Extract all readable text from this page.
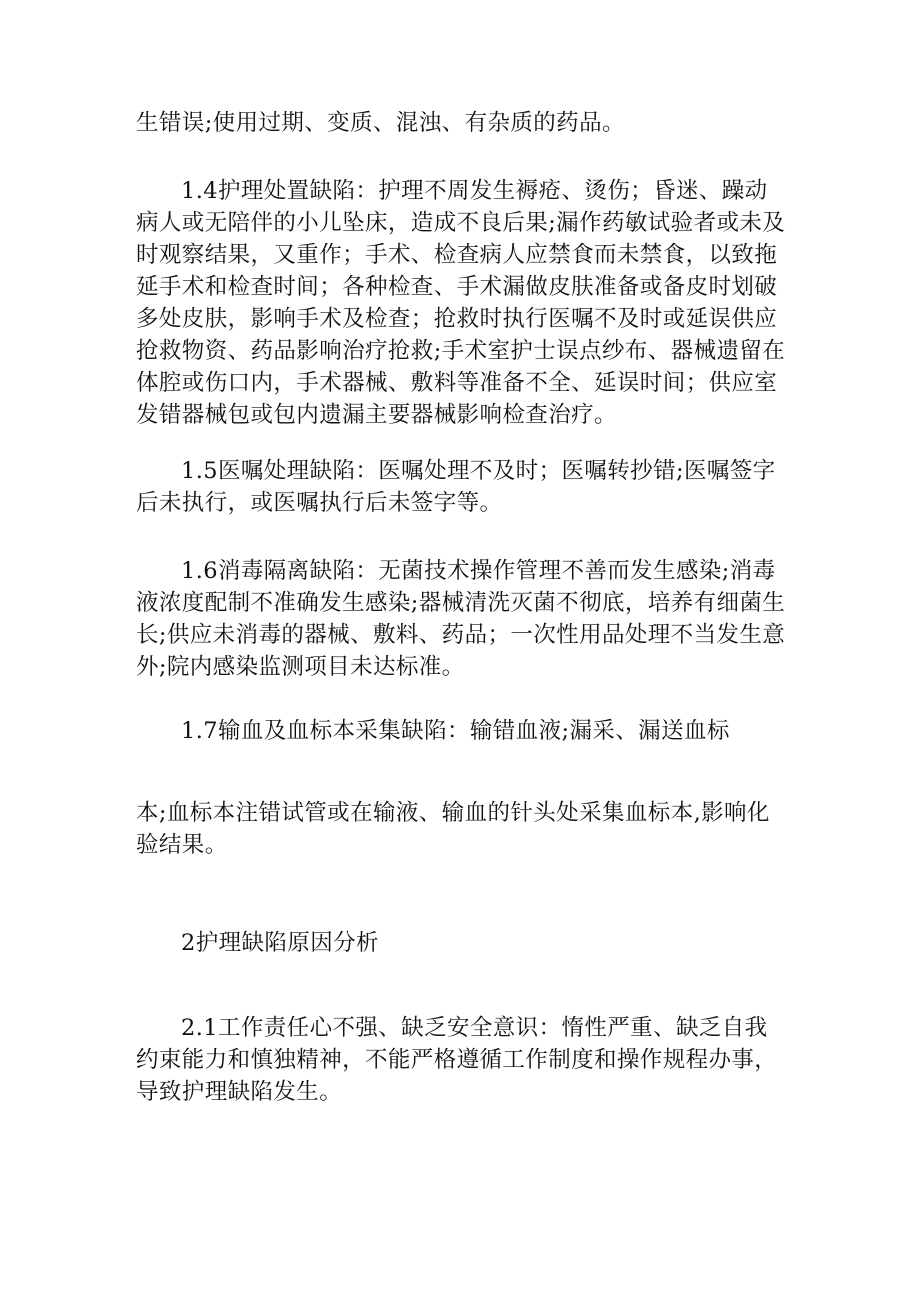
生错误;使用过期、变质、混浊、有杂质的药品。

1.4护理处置缺陷：护理不周发生褥疮、烫伤；昏迷、躁动
病人或无陪伴的小儿坠床，造成不良后果;漏作药敏试验者或未及
时观察结果，又重作；手术、检查病人应禁食而未禁食，以致拖
延手术和检查时间；各种检查、手术漏做皮肤准备或备皮时划破
多处皮肤，影响手术及检查；抢救时执行医嘱不及时或延误供应
抢救物资、药品影响治疗抢救;手术室护士误点纱布、器械遗留在
体腔或伤口内，手术器械、敷料等准备不全、延误时间；供应室
发错器械包或包内遗漏主要器械影响检查治疗。

1.5医嘱处理缺陷：医嘱处理不及时；医嘱转抄错;医嘱签字
后未执行，或医嘱执行后未签字等。

1.6消毒隔离缺陷：无菌技术操作管理不善而发生感染;消毒
液浓度配制不准确发生感染;器械清洗灭菌不彻底，培养有细菌生
长;供应未消毒的器械、敷料、药品；一次性用品处理不当发生意
外;院内感染监测项目未达标准。

1.7输血及血标本采集缺陷：输错血液;漏采、漏送血标

本;血标本注错试管或在输液、输血的针头处采集血标本,影响化
验结果。

2护理缺陷原因分析

2.1工作责任心不强、缺乏安全意识：惰性严重、缺乏自我
约束能力和慎独精神，不能严格遵循工作制度和操作规程办事，
导致护理缺陷发生。
